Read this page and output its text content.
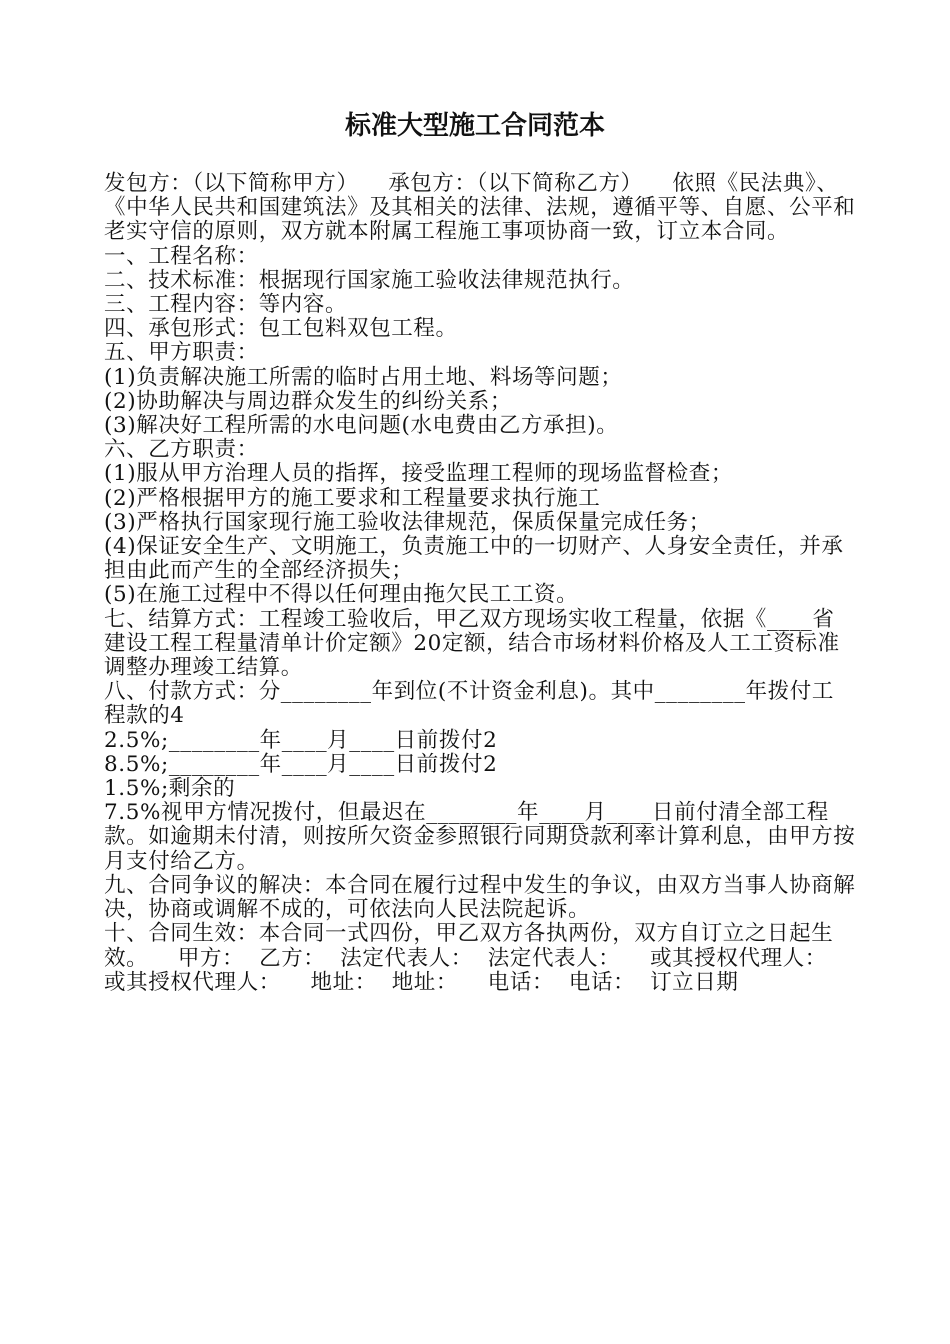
标准大型施工合同范本

发包方：（以下简称甲方）    承包方：（以下简称乙方）    依照《民法典》、《中华人民共和国建筑法》及其相关的法律、法规，遵循平等、自愿、公平和老实守信的原则，双方就本附属工程施工事项协商一致，订立本合同。

一、工程名称：

二、技术标准：根据现行国家施工验收法律规范执行。

三、工程内容：等内容。

四、承包形式：包工包料双包工程。

五、甲方职责：

(1)负责解决施工所需的临时占用土地、料场等问题；

(2)协助解决与周边群众发生的纠纷关系；

(3)解决好工程所需的水电问题(水电费由乙方承担)。

六、乙方职责：

(1)服从甲方治理人员的指挥，接受监理工程师的现场监督检查；

(2)严格根据甲方的施工要求和工程量要求执行施工

(3)严格执行国家现行施工验收法律规范，保质保量完成任务；

(4)保证安全生产、文明施工，负责施工中的一切财产、人身安全责任，并承担由此而产生的全部经济损失；

(5)在施工过程中不得以任何理由拖欠民工工资。

七、结算方式：工程竣工验收后，甲乙双方现场实收工程量，依据《____省建设工程工程量清单计价定额》20定额，结合市场材料价格及人工工资标准调整办理竣工结算。

八、付款方式：分________年到位(不计资金利息)。其中________年拨付工程款的4

2.5%;________年____月____日前拨付2

8.5%;________年____月____日前拨付2

1.5%;剩余的

7.5%视甲方情况拨付，但最迟在________年____月____日前付清全部工程款。如逾期未付清，则按所欠资金参照银行同期贷款利率计算利息，由甲方按月支付给乙方。

九、合同争议的解决：本合同在履行过程中发生的争议，由双方当事人协商解决，协商或调解不成的，可依法向人民法院起诉。

十、合同生效：本合同一式四份，甲乙双方各执两份，双方自订立之日起生效。    甲方：  乙方：  法定代表人：  法定代表人：    或其授权代理人：  或其授权代理人：    地址：  地址：    电话：  电话：  订立日期
